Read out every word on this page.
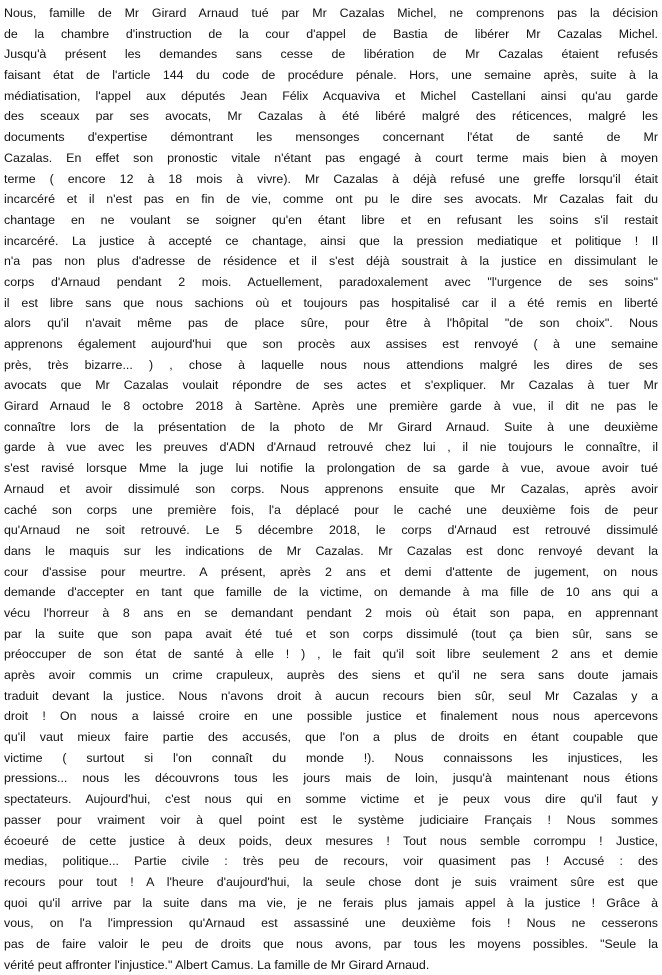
Nous, famille de Mr Girard Arnaud tué par Mr Cazalas Michel, ne comprenons pas la décision
de la chambre d'instruction de la cour d'appel de Bastia de libérer Mr Cazalas Michel.
Jusqu'à présent les demandes sans cesse de libération de Mr Cazalas étaient refusés
faisant état de l'article 144 du code de procédure pénale. Hors, une semaine après, suite à la
médiatisation, l'appel aux députés Jean Félix Acquaviva et Michel Castellani ainsi qu'au garde
des sceaux par ses avocats, Mr Cazalas à été libéré malgré des réticences, malgré les
documents d'expertise démontrant les mensonges concernant l'état de santé de Mr
Cazalas. En effet son pronostic vitale n'étant pas engagé à court terme mais bien à moyen
terme ( encore 12 à 18 mois à vivre). Mr Cazalas à déjà refusé une greffe lorsqu'il était
incarcéré et il n'est pas en fin de vie, comme ont pu le dire ses avocats. Mr Cazalas fait du
chantage en ne voulant se soigner qu'en étant libre et en refusant les soins s'il restait
incarcéré. La justice à accepté ce chantage, ainsi que la pression mediatique et politique ! Il
n'a pas non plus d'adresse de résidence et il s'est déjà soustrait à la justice en dissimulant le
corps d'Arnaud pendant 2 mois. Actuellement, paradoxalement avec "l'urgence de ses soins"
il est libre sans que nous sachions où et toujours pas hospitalisé car il a été remis en liberté
alors qu'il n'avait même pas de place sûre, pour être à l'hôpital "de son choix". Nous
apprenons également aujourd'hui que son procès aux assises est renvoyé ( à une semaine
près, très bizarre... ) , chose à laquelle nous nous attendions malgré les dires de ses
avocats que Mr Cazalas voulait répondre de ses actes et s'expliquer. Mr Cazalas à tuer Mr
Girard Arnaud le 8 octobre 2018 à Sartène. Après une première garde à vue, il dit ne pas le
connaître lors de la présentation de la photo de Mr Girard Arnaud. Suite à une deuxième
garde à vue avec les preuves d'ADN d'Arnaud retrouvé chez lui , il nie toujours le connaître, il
s'est ravisé lorsque Mme la juge lui notifie la prolongation de sa garde à vue, avoue avoir tué
Arnaud et avoir dissimulé son corps. Nous apprenons ensuite que Mr Cazalas, après avoir
caché son corps une première fois, l'a déplacé pour le caché une deuxième fois de peur
qu'Arnaud ne soit retrouvé. Le 5 décembre 2018, le corps d'Arnaud est retrouvé dissimulé
dans le maquis sur les indications de Mr Cazalas. Mr Cazalas est donc renvoyé devant la
cour d'assise pour meurtre. A présent, après 2 ans et demi d'attente de jugement, on nous
demande d'accepter en tant que famille de la victime, on demande à ma fille de 10 ans qui a
vécu l'horreur à 8 ans en se demandant pendant 2 mois où était son papa, en apprennant
par la suite que son papa avait été tué et son corps dissimulé (tout ça bien sûr, sans se
préoccuper de son état de santé à elle ! ) , le fait qu'il soit libre seulement 2 ans et demie
après avoir commis un crime crapuleux, auprès des siens et qu'il ne sera sans doute jamais
traduit devant la justice. Nous n'avons droit à aucun recours bien sûr, seul Mr Cazalas y a
droit ! On nous a laissé croire en une possible justice et finalement nous nous apercevons
qu'il vaut mieux faire partie des accusés, que l'on a plus de droits en étant coupable que
victime ( surtout si l'on connaît du monde !). Nous connaissons les injustices, les
pressions... nous les découvrons tous les jours mais de loin, jusqu'à maintenant nous étions
spectateurs. Aujourd'hui, c'est nous qui en somme victime et je peux vous dire qu'il faut y
passer pour vraiment voir à quel point est le système judiciaire Français ! Nous sommes
écoeuré de cette justice à deux poids, deux mesures ! Tout nous semble corrompu ! Justice,
medias, politique... Partie civile : très peu de recours, voir quasiment pas ! Accusé : des
recours pour tout ! A l'heure d'aujourd'hui, la seule chose dont je suis vraiment sûre est que
quoi qu'il arrive par la suite dans ma vie, je ne ferais plus jamais appel à la justice ! Grâce à
vous, on l'a l'impression qu'Arnaud est assassiné une deuxième fois ! Nous ne cesserons
pas de faire valoir le peu de droits que nous avons, par tous les moyens possibles. "Seule la
vérité peut affronter l'injustice." Albert Camus. La famille de Mr Girard Arnaud.
